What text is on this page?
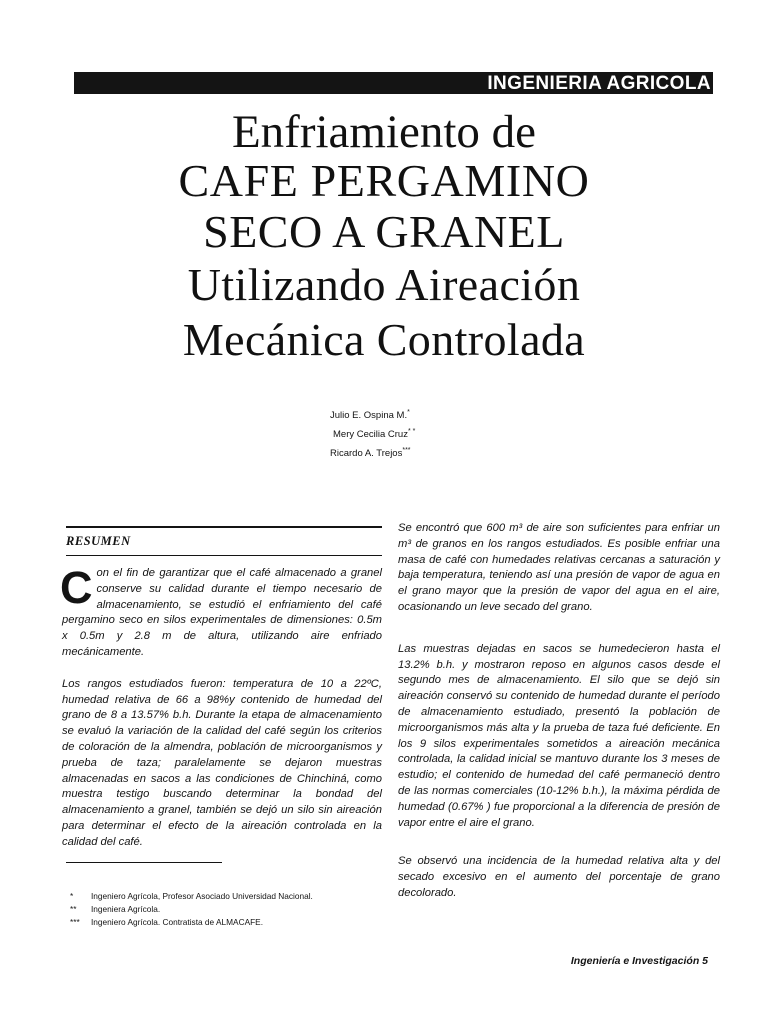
INGENIERIA AGRICOLA
Enfriamiento de
CAFE PERGAMINO
SECO A GRANEL
Utilizando Aireación
Mecánica Controlada
Julio E. Ospina M.*
Mery Cecilia Cruz* *
Ricardo A. Trejos***
RESUMEN

Con el fin de garantizar que el café almacenado a granel conserve su calidad durante el tiempo necesario de almacenamiento, se estudió el enfriamiento del café pergamino seco en silos experimentales de dimensiones: 0.5m x 0.5m y 2.8 m de altura, utilizando aire enfriado mecánicamente.

Los rangos estudiados fueron: temperatura de 10 a 22ºC, humedad relativa de 66 a 98%y contenido de humedad del grano de 8 a 13.57% b.h. Durante la etapa de almacenamiento se evaluó la variación de la calidad del café según los criterios de coloración de la almendra, población de microorganismos y prueba de taza; paralelamente se dejaron muestras almacenadas en sacos a las condiciones de Chinchiná, como muestra testigo buscando determinar la bondad del almacenamiento a granel, también se dejó un silo sin aireación para determinar el efecto de la aireación controlada en la calidad del café.

* Ingeniero Agrícola, Profesor Asociado Universidad Nacional.
** Ingeniera Agrícola.
*** Ingeniero Agrícola. Contratista de ALMACAFE.

Se encontró que 600 m³ de aire son suficientes para enfriar un m³ de granos en los rangos estudiados. Es posible enfriar una masa de café con humedades relativas cercanas a saturación y baja temperatura, teniendo así una presión de vapor de agua en el grano mayor que la presión de vapor del agua en el aire, ocasionando un leve secado del grano.

Las muestras dejadas en sacos se humedecieron hasta el 13.2% b.h. y mostraron reposo en algunos casos desde el segundo mes de almacenamiento. El silo que se dejó sin aireación conservó su contenido de humedad durante el período de almacenamiento estudiado, presentó la población de microorganismos más alta y la prueba de taza fué deficiente. En los 9 silos experimentales sometidos a aireación mecánica controlada, la calidad inicial se mantuvo durante los 3 meses de estudio; el contenido de humedad del café permaneció dentro de las normas comerciales (10-12% b.h.), la máxima pérdida de humedad (0.67% ) fue proporcional a la diferencia de presión de vapor entre el aire el grano.

Se observó una incidencia de la humedad relativa alta y del secado excesivo en el aumento del porcentaje de grano decolorado.

Ingeniería e Investigación 5
